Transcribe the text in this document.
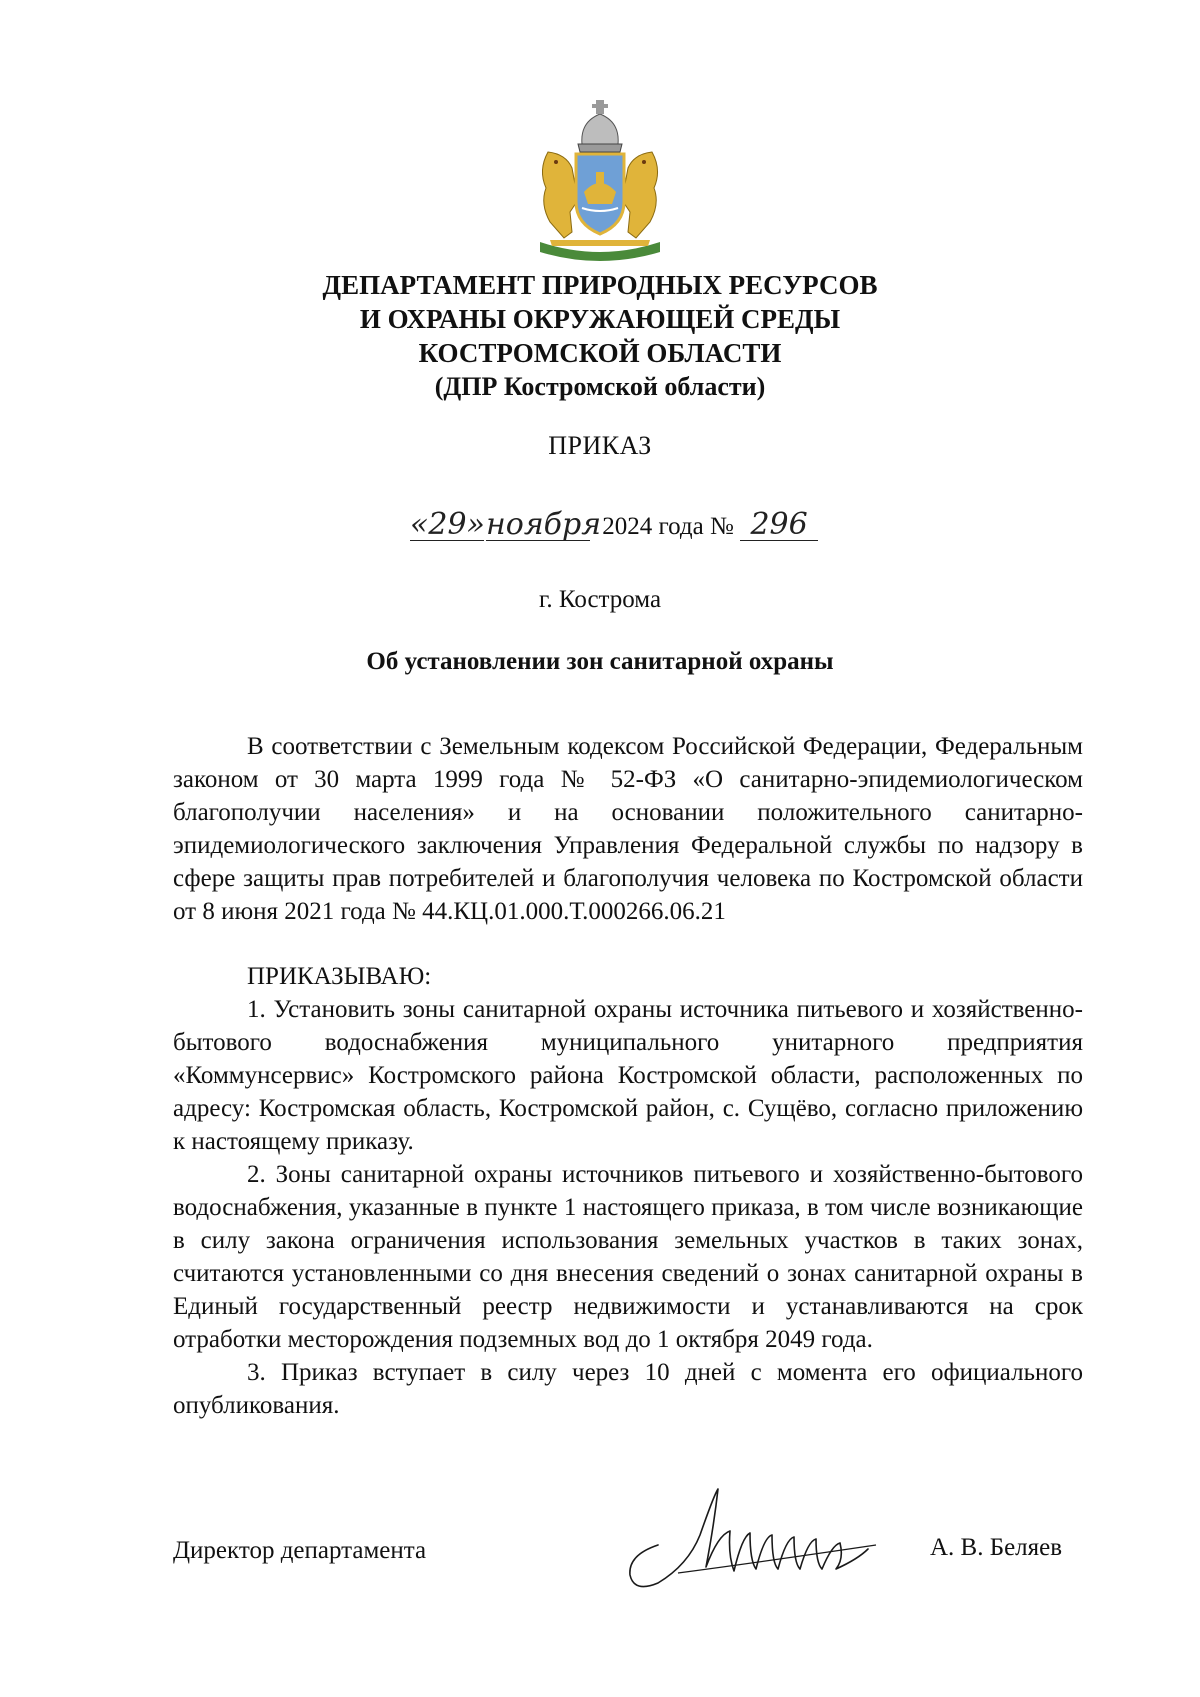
ДЕПАРТАМЕНТ ПРИРОДНЫХ РЕСУРСОВ
И ОХРАНЫ ОКРУЖАЮЩЕЙ СРЕДЫ
КОСТРОМСКОЙ ОБЛАСТИ
(ДПР Костромской области)
ПРИКАЗ
«29»ноября 2024 года № 296
г. Кострома
Об установлении зон санитарной охраны

В соответствии с Земельным кодексом Российской Федерации, Федеральным законом от 30 марта 1999 года № 52-ФЗ «О санитарно-эпидемиологическом благополучии населения» и на основании положительного санитарно-эпидемиологического заключения Управления Федеральной службы по надзору в сфере защиты прав потребителей и благополучия человека по Костромской области от 8 июня 2021 года № 44.КЦ.01.000.Т.000266.06.21

ПРИКАЗЫВАЮ:

1. Установить зоны санитарной охраны источника питьевого и хозяйственно-бытового водоснабжения муниципального унитарного предприятия «Коммунсервис» Костромского района Костромской области, расположенных по адресу: Костромская область, Костромской район, с. Сущёво, согласно приложению к настоящему приказу.

2. Зоны санитарной охраны источников питьевого и хозяйственно-бытового водоснабжения, указанные в пункте 1 настоящего приказа, в том числе возникающие в силу закона ограничения использования земельных участков в таких зонах, считаются установленными со дня внесения сведений о зонах санитарной охраны в Единый государственный реестр недвижимости и устанавливаются на срок отработки месторождения подземных вод до 1 октября 2049 года.

3. Приказ вступает в силу через 10 дней с момента его официального опубликования.

Директор департамента	А. В. Беляев
